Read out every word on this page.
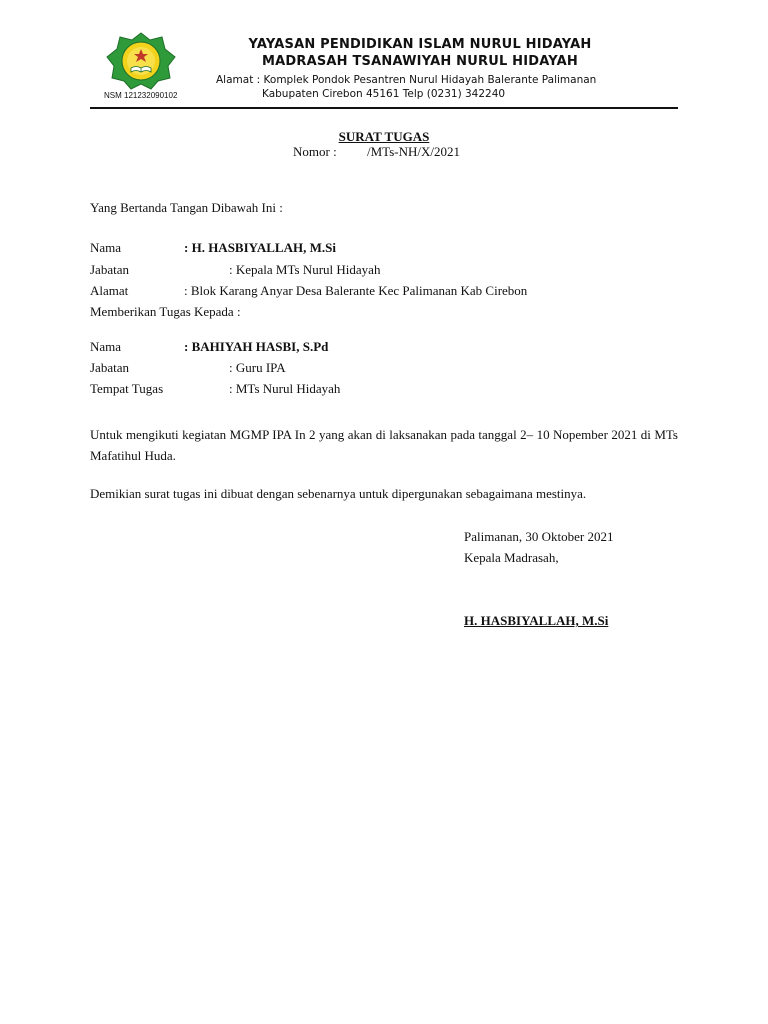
NSM 121232090102
YAYASAN PENDIDIKAN ISLAM NURUL HIDAYAH
MADRASAH TSANAWIYAH NURUL HIDAYAH
Alamat : Komplek Pondok Pesantren Nurul Hidayah Balerante Palimanan
Kabupaten Cirebon 45161 Telp (0231) 342240
SURAT TUGAS
Nomor : /MTs-NH/X/2021
Yang Bertanda Tangan Dibawah Ini :
Nama	: H. HASBIYALLAH, M.Si
Jabatan	: Kepala MTs Nurul Hidayah
Alamat	: Blok Karang Anyar Desa Balerante Kec Palimanan Kab Cirebon
Memberikan Tugas Kepada :
Nama	: BAHIYAH HASBI, S.Pd
Jabatan	: Guru IPA
Tempat Tugas	: MTs Nurul Hidayah
Untuk mengikuti kegiatan MGMP IPA In 2 yang akan di laksanakan pada tanggal 2– 10 Nopember 2021 di MTs Mafatihul Huda.
Demikian surat tugas ini dibuat dengan sebenarnya untuk dipergunakan sebagaimana mestinya.
Palimanan, 30 Oktober 2021
Kepala Madrasah,
H. HASBIYALLAH, M.Si
